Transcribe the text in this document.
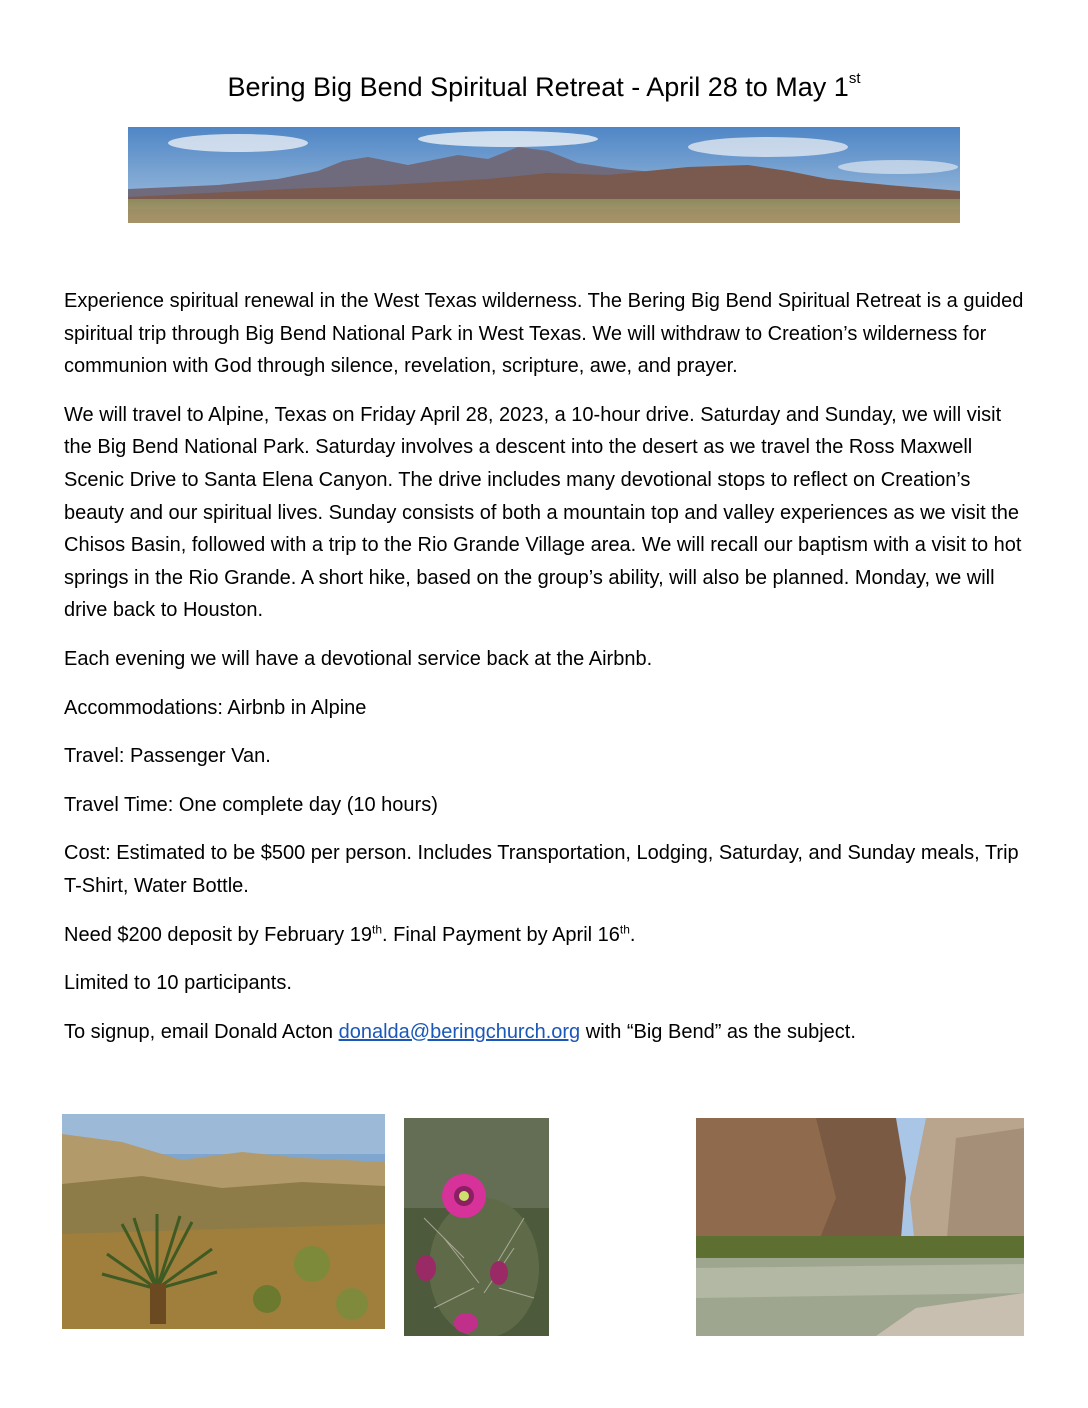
Bering Big Bend Spiritual Retreat - April 28 to May 1st

Experience spiritual renewal in the West Texas wilderness. The Bering Big Bend Spiritual Retreat is a guided spiritual trip through Big Bend National Park in West Texas. We will withdraw to Creation’s wilderness for communion with God through silence, revelation, scripture, awe, and prayer.

We will travel to Alpine, Texas on Friday April 28, 2023, a 10-hour drive. Saturday and Sunday, we will visit the Big Bend National Park. Saturday involves a descent into the desert as we travel the Ross Maxwell Scenic Drive to Santa Elena Canyon. The drive includes many devotional stops to reflect on Creation’s beauty and our spiritual lives. Sunday consists of both a mountain top and valley experiences as we visit the Chisos Basin, followed with a trip to the Rio Grande Village area. We will recall our baptism with a visit to hot springs in the Rio Grande. A short hike, based on the group’s ability, will also be planned. Monday, we will drive back to Houston.

Each evening we will have a devotional service back at the Airbnb.

Accommodations: Airbnb in Alpine

Travel: Passenger Van.

Travel Time: One complete day (10 hours)

Cost: Estimated to be $500 per person. Includes Transportation, Lodging, Saturday, and Sunday meals, Trip T-Shirt, Water Bottle.

Need $200 deposit by February 19th. Final Payment by April 16th.

Limited to 10 participants.

To signup, email Donald Acton donalda@beringchurch.org with “Big Bend” as the subject.
